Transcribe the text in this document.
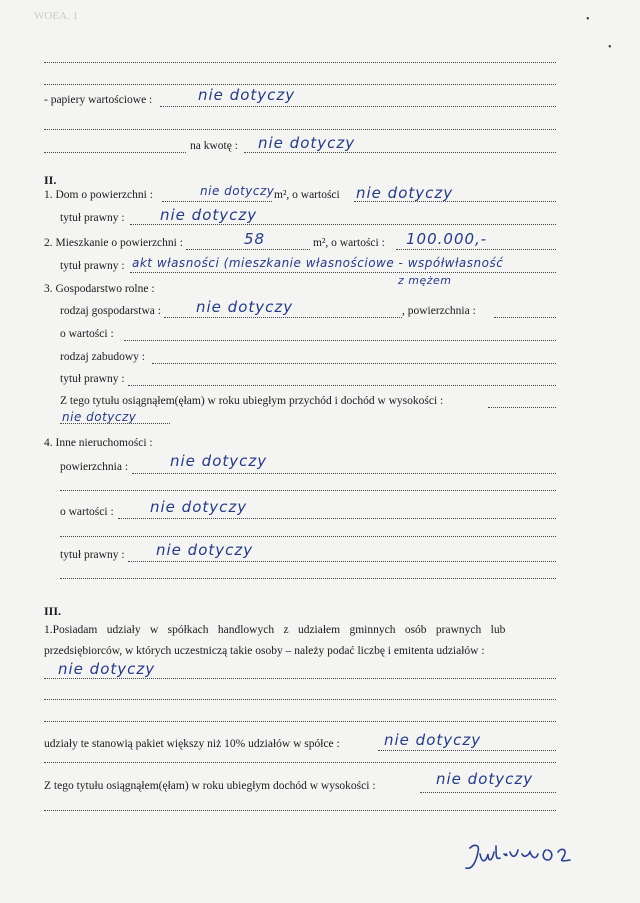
WOEA. 1	•
•
- papiery wartościowe :	nie dotyczy
na kwotę : nie dotyczy
II.
1. Dom o powierzchni :	nie dotyczy m², o wartości nie dotyczy
tytuł prawny : nie dotyczy
2. Mieszkanie o powierzchni :	58	m², o wartości : 100.000,-
tytuł prawny : akt własności (mieszkanie własnościowe - współwłasność
z mężem
3. Gospodarstwo rolne :
rodzaj gospodarstwa : nie dotyczy	, powierzchnia :
o wartości :
rodzaj zabudowy :
tytuł prawny :
Z tego tytułu osiągnąłem(ęłam) w roku ubiegłym przychód i dochód w wysokości :
nie dotyczy
4. Inne nieruchomości :
powierzchnia :	nie dotyczy
o wartości : nie dotyczy
tytuł prawny : nie dotyczy
III.
1.Posiadam udziały w spółkach handlowych z udziałem gminnych osób prawnych lub
przedsiębiorców, w których uczestniczą takie osoby – należy podać liczbę i emitenta udziałów :
nie dotyczy
udziały te stanowią pakiet większy niż 10% udziałów w spółce :	nie dotyczy
Z tego tytułu osiągnąłem(ęłam) w roku ubiegłym dochód w wysokości :	nie dotyczy
